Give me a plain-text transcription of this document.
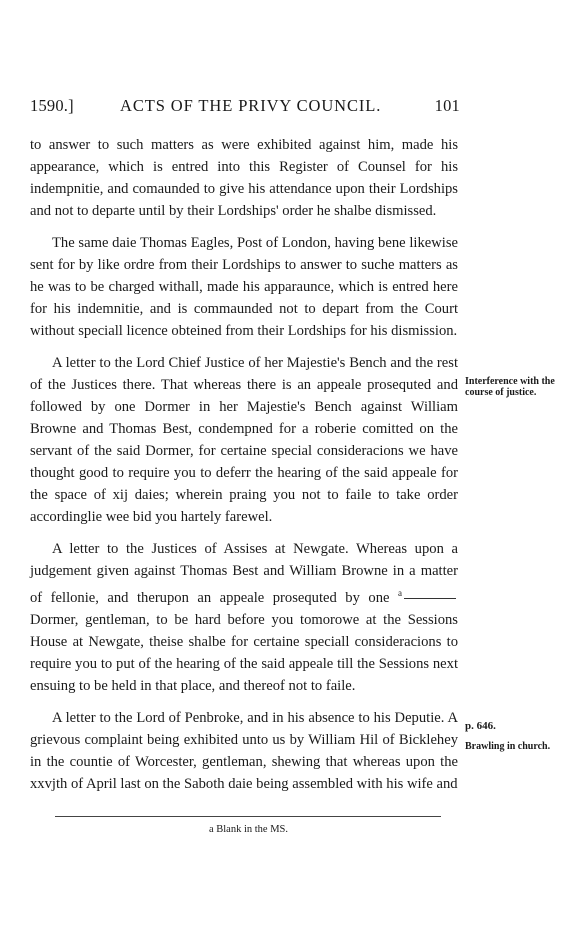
1590.]	ACTS OF THE PRIVY COUNCIL.	101

to answer to such matters as were exhibited against him, made his appearance, which is entred into this Register of Counsel for his indempnitie, and comaunded to give his attendance upon their Lordships and not to departe until by their Lordships' order he shalbe dismissed.

The same daie Thomas Eagles, Post of London, having bene likewise sent for by like ordre from their Lordships to answer to suche matters as he was to be charged withall, made his apparaunce, which is entred here for his indemnitie, and is commaunded not to depart from the Court without speciall licence obteined from their Lordships for his dismission.

A letter to the Lord Chief Justice of her Majestie's Bench and the rest of the Justices there. That whereas there is an appeale prosequted and followed by one Dormer in her Majestie's Bench against William Browne and Thomas Best, condempned for a roberie comitted on the servant of the said Dormer, for certaine special consideracions we have thought good to require you to deferr the hearing of the said appeale for the space of xij daies; wherein praing you not to faile to take order accordinglie wee bid you hartely farewel.

A letter to the Justices of Assises at Newgate. Whereas upon a judgement given against Thomas Best and William Browne in a matter of fellonie, and therupon an appeale prosequted by one $^a$ Dormer, gentleman, to be hard before you tomorowe at the Sessions House at Newgate, theise shalbe for certaine speciall consideracions to require you to put of the hearing of the said appeale till the Sessions next ensuing to be held in that place, and thereof not to faile.

A letter to the Lord of Penbroke, and in his absence to his Deputie. A grievous complaint being exhibited unto us by William Hil of Bicklehey in the countie of Worcester, gentleman, shewing that whereas upon the xxvjth of April last on the Saboth daie being assembled with his wife and

Interference with the course of justice.
p. 646.
Brawling in church.
a Blank in the MS.
